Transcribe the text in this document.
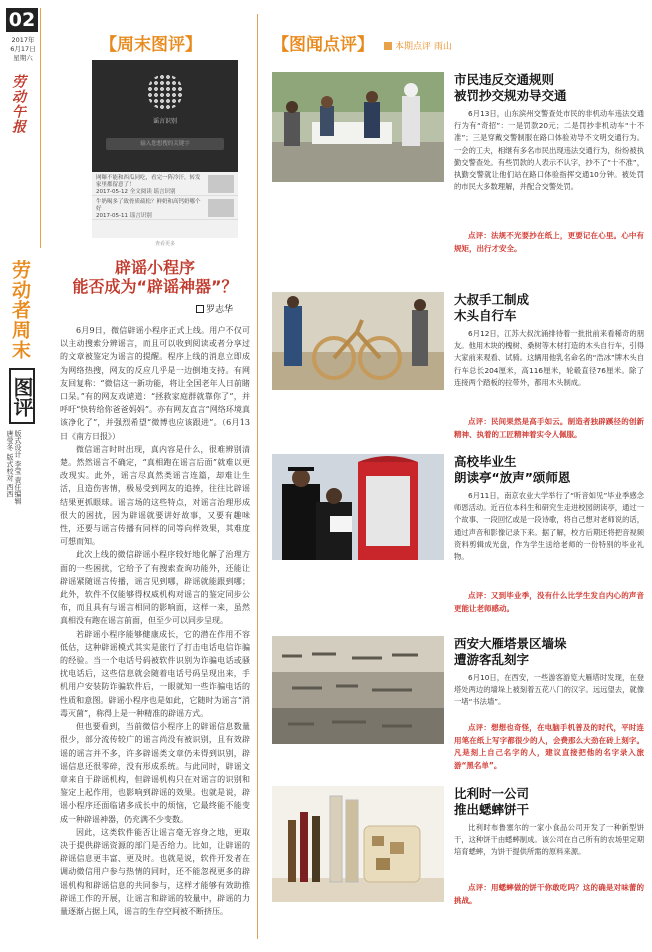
02
2017年
6月17日
星期六
劳动午报
劳动者周末
图评
版式设计 李莹 责任编辑 唐莹冬 版式校对 西西
【周末图评】
谣言识别
输入您想搜的关键字
网曝不能和西瓜同吃，看完一阵冷汗，转发家里都留意了！
2017-05-12 全文阅读 谣言识别
牛奶喝多了致骨质疏松？鲜奶和高钙奶哪个好
2017-05-11 谣言识别
查看更多
辟谣小程序
能否成为“辟谣神器”？
罗志华

6月9日，微信辟谣小程序正式上线。用户不仅可以主动搜索分辨谣言，而且可以收到阅读或者分享过的文章被鉴定为谣言的提醒。程序上线的消息立即成为网络热搜，网友的反应几乎是一边倒地支持。有网友回复称：“微信这一新功能，将让全国老年人日前睹口呆。”有的网友戏谑道：“拯救家庭群就靠你了”，并呼吁“快转给你爸爸妈妈”。亦有网友直言“网络环境真该净化了”，并强烈希望“微博也应该跟进”。（6月13日《南方日报》）

微信谣言时时出现，真内容是什么，很难辨别清楚。然然谣言不确定，“真相跑在谣言后面”就难以更改现实。此外，谣言尽真然类谣言连篇，却难让生活，且造伤害情，极易受到网友的追捧，往往比辟谣结果更抓眼球。谣言场的这些特点，对谣言治理形成很大的困扰，因为辟谣就要讲好故事，又要有趣味性，还要与谣言传播有同样的同等向样效果，其难度可想而知。

此次上线的微信辟谣小程序较好地化解了治理方面的一些困扰，它给予了有搜索查询功能外，还能让辟谣紧随谣言传播，谣言见到哪，辟谣就能跟到哪；此外，软件不仅能够得权威机构对谣言的鉴定同步公布，而且具有与谣言相同的影响面，这样一来，虽然真相没有跑在谣言前面，但至少可以同步呈现。

若辟谣小程序能够健康成长，它的潜在作用不容低估，这种辟谣模式其实是旅行了打击电话电信诈骗的经验。当一个电话号码被软件识别为诈骗电话或骚扰电话后，这些信息就会随着电话号码呈现出来，手机用户安装防诈骗软件后，一眼就知一些诈骗电话的性质和意图。辟谣小程序也是如此，它随时为谣言“消毒灭菌”，称得上是一种精准的辟谣方式。

但也要看到，当前微信小程序上的辟谣信息数量很少，部分流传较广的谣言尚没有被识别，且有效辟谣的谣言并不多，许多辟谣类文章仍未得到识别，辟谣信息还很零碎，没有形成系统。与此同时，辟谣文章来自于辟谣机构，但辟谣机构只在对谣言的识别和鉴定上起作用，也影响到辟谣的效果。也就是说，辟谣小程序还面临诸多成长中的烦恼，它最终能不能变成一种辟谣神器，仍充满不少变数。

因此，这类软件能否让谣言毫无容身之地，更取决于提供辟谣资源的部门是否给力。比如，让辟谣的辟谣信息更丰富、更及时。也就是说，软件开发者在调动微信用户参与热情的同时，还不能忽视更多的辟谣机构和辟谣信息的共同参与，这样才能够有效助推辟谣工作的开展，让谣言和辟谣的较量中，辟谣的力量逐渐占据上风，谣言的生存空间被不断挤压。

【图闻点评】	本期点评 雨山
市民违反交通规则
被罚抄交规劝导交通

6月13日，山东滨州交警查处市民的非机动车违法交通行为有“奇招”：一是罚款20元；二是罚抄非机动车“十不准”；三是穿戴交警制服在路口体验劝导不文明交通行为。一会的工夫，相继有多名市民出现违法交通行为，纷纷被执勤交警查处。有些罚款的人表示不认字，抄不了“十不准”，执勤交警就让他们站在路口体验指挥交通10分钟。被处罚的市民大多数理解，并配合交警处罚。

点评：法规不光要抄在纸上，更要记在心里。心中有规矩，出行才安全。
大叔手工制成
木头自行车

6月12日，江苏大叔沈涌排待着一批批前来看稀奇的朋友。他用木块的槐树、桑树等木材打造的木头自行车，引得大家前来观看、试骑。这辆用他乳名命名的“浩冰”牌木头自行车总长204厘米，高116厘米，轮毂直径76厘米。除了连接两个踏板的拉带外，都用木头制成。

点评：民间果然是高手如云。制造者独辟蹊径的创新精神、执着的工匠精神着实令人佩服。
高校毕业生
朗读亭“放声”颂师恩

6月11日，南京农业大学举行了“听音如见”毕业季感念师恩活动。近百位本科生和研究生走进校园朗读亭，通过一个故事、一段回忆或是一段诗歌，将自己想对老师说的话，通过声音和影像记录下来。据了解，校方后期还将把音视频资料剪辑成光盘，作为学生送给老师的一份特别的毕业礼物。

点评：又到毕业季，没有什么比学生发自内心的声音更能让老师感动。
西安大雁塔景区墙垛
遭游客乱刻字

6月10日，在西安，一些游客游览大雁塔时发现，在登塔处两边的墙垛上被刻着五花八门的汉字。远远望去，就像一堵“书法墙”。

点评：想想也奇怪，在电脑手机普及的时代，平时连用笔在纸上写字都很少的人，会费那么大劲在砖上刻字。凡是刻上自己名字的人，建议直接把他的名字录入旅游“黑名单”。
比利时一公司
推出蟋蟀饼干

比利时布鲁塞尔的一家小食品公司开发了一种新型饼干，这种饼干由蟋蟀制成。该公司在自己所有的农场里定期培育蟋蟀，为饼干提供所需的原料来源。

点评：用蟋蟀做的饼干你敢吃吗？这的确是对味蕾的挑战。
